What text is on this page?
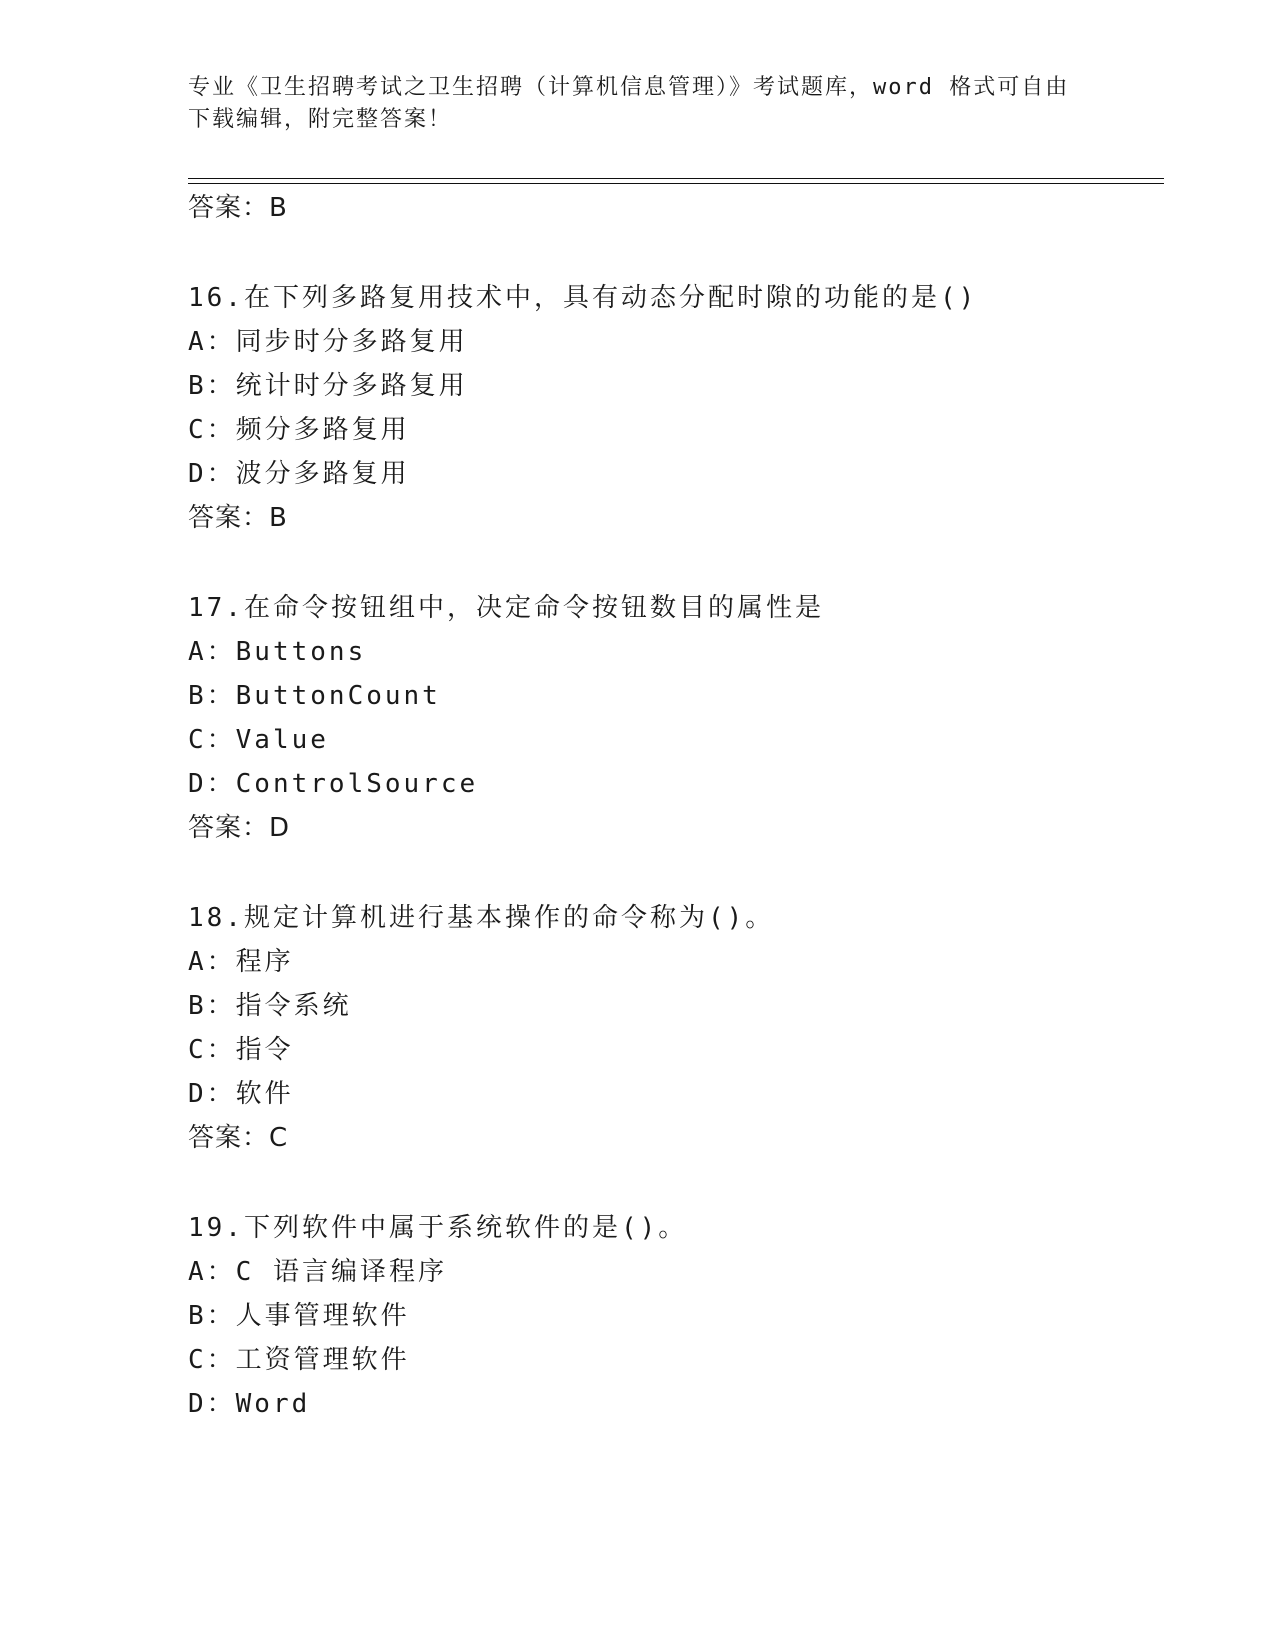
专业《卫生招聘考试之卫生招聘（计算机信息管理）》考试题库，word 格式可自由下载编辑，附完整答案！
答案：B
16.在下列多路复用技术中，具有动态分配时隙的功能的是()
A：同步时分多路复用
B：统计时分多路复用
C：频分多路复用
D：波分多路复用
答案：B
17.在命令按钮组中，决定命令按钮数目的属性是
A：Buttons
B：ButtonCount
C：Value
D：ControlSource
答案：D
18.规定计算机进行基本操作的命令称为()。
A：程序
B：指令系统
C：指令
D：软件
答案：C
19.下列软件中属于系统软件的是()。
A：C 语言编译程序
B：人事管理软件
C：工资管理软件
D：Word
